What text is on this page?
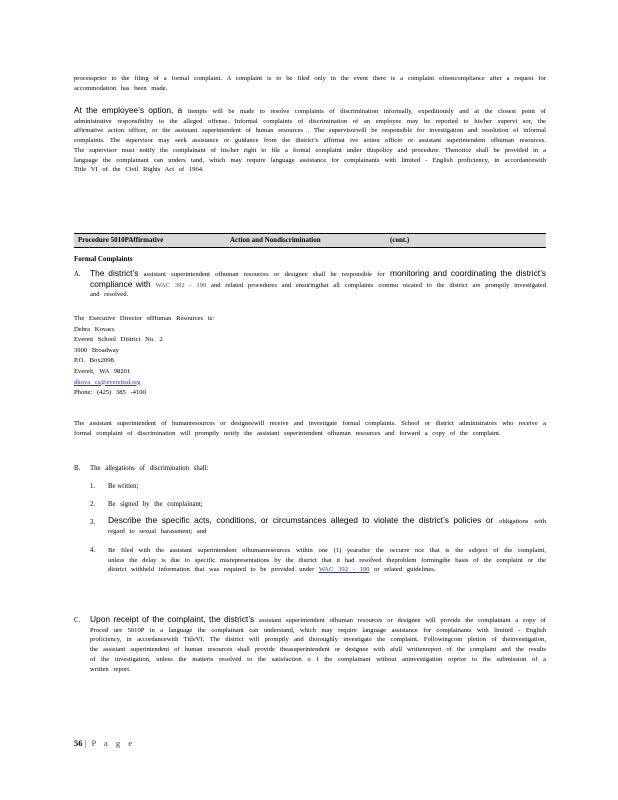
processprior to the filing of a formal complaint. A complaint is to be filed only in the event there is a complaint ofnoncompliance after a request for accommodation has been made.
At the employee’s option, a ttempts will be made to resolve complaints of discrimination informally, expeditiously and at the closest point of administrative responsibility to the alleged offense. Informal complaints of discrimination of an employee may be reported to his/her supervi sor, the affirmative action officer, or the assistant superintendent of human resources . The supervisorwill be responsible for investigation and resolution of informal complaints. The supervisor may seek assistance or guidance from the district’s affirmat ive action officer or assistant superintendent ofhuman resources. The supervisor must notify the complainant of his/her right to file a formal complaint under thispolicy and procedure. Thenotice shall be provided in a language the complainant can unders tand, which may require language assistance for complainants with limited - English proficiency, in accordancewith Title VI of the Civil Rights Act of 1964.
Procedure 5010PAffirmative	Action and Nondiscrimination	(cont.)
Formal Complaints
A. The district’s assistant superintendent ofhuman resources or designee shall be responsible for monitoring and coordinating the district’s compliance with WAC 392 - 190 and related procedures and ensuringthat all complaints commu nicated to the district are promptly investigated and resolved.
The Executive Director ofHuman Resources is:
Debra Kovacs
Everett School District No. 2
3900 Broadway
P.O. Box2098
Everett, WA 98201
dkova cs@everettsd.org
Phone: (425) 385 -4100
The assistant superintendent of humanresources or designeewill receive and investigate formal complaints. School or district administrators who receive a formal complaint of discrimination will promptly notify the assistant superintendent ofhuman resources and forward a copy of the complaint.
B. The allegations of discrimination shall:
1. Be written;
2. Be signed by the complainant;
3. Describe the specific acts, conditions, or circumstances alleged to violate the district’s policies or obligations with regard to sexual harassment; and
4. Be filed with the assistant superintendent ofhumanresources within one (1) yearafter the occurre nce that is the subject of the complaint, unless the delay is due to specific misrepresentations by the district that it had resolved theproblem formingthe basis of the complaint or the district withheld information that was required to be provided under WAC 392 - 190 or related guidelines.
C. Upon receipt of the complaint, the district’s assistant superintendent ofhuman resources or designee will provide the complainant a copy of Proced ure 5010P in a language the complainant can understand, which may require language assistance for complainants with limited - English proficiency, in accordancewith TitleVI. The district will promptly and thoroughly investigate the complaint. Followingcom pletion of theinvestigation, the assistant superintendent of human resources shall provide theasuperintendent or designee with afull writtenreport of the complaint and the results of the investigation, unless the matteris resolved to the satisfaction o f the complainant without aninvestigation orprior to the submission of a written report.
56 | P a g e
